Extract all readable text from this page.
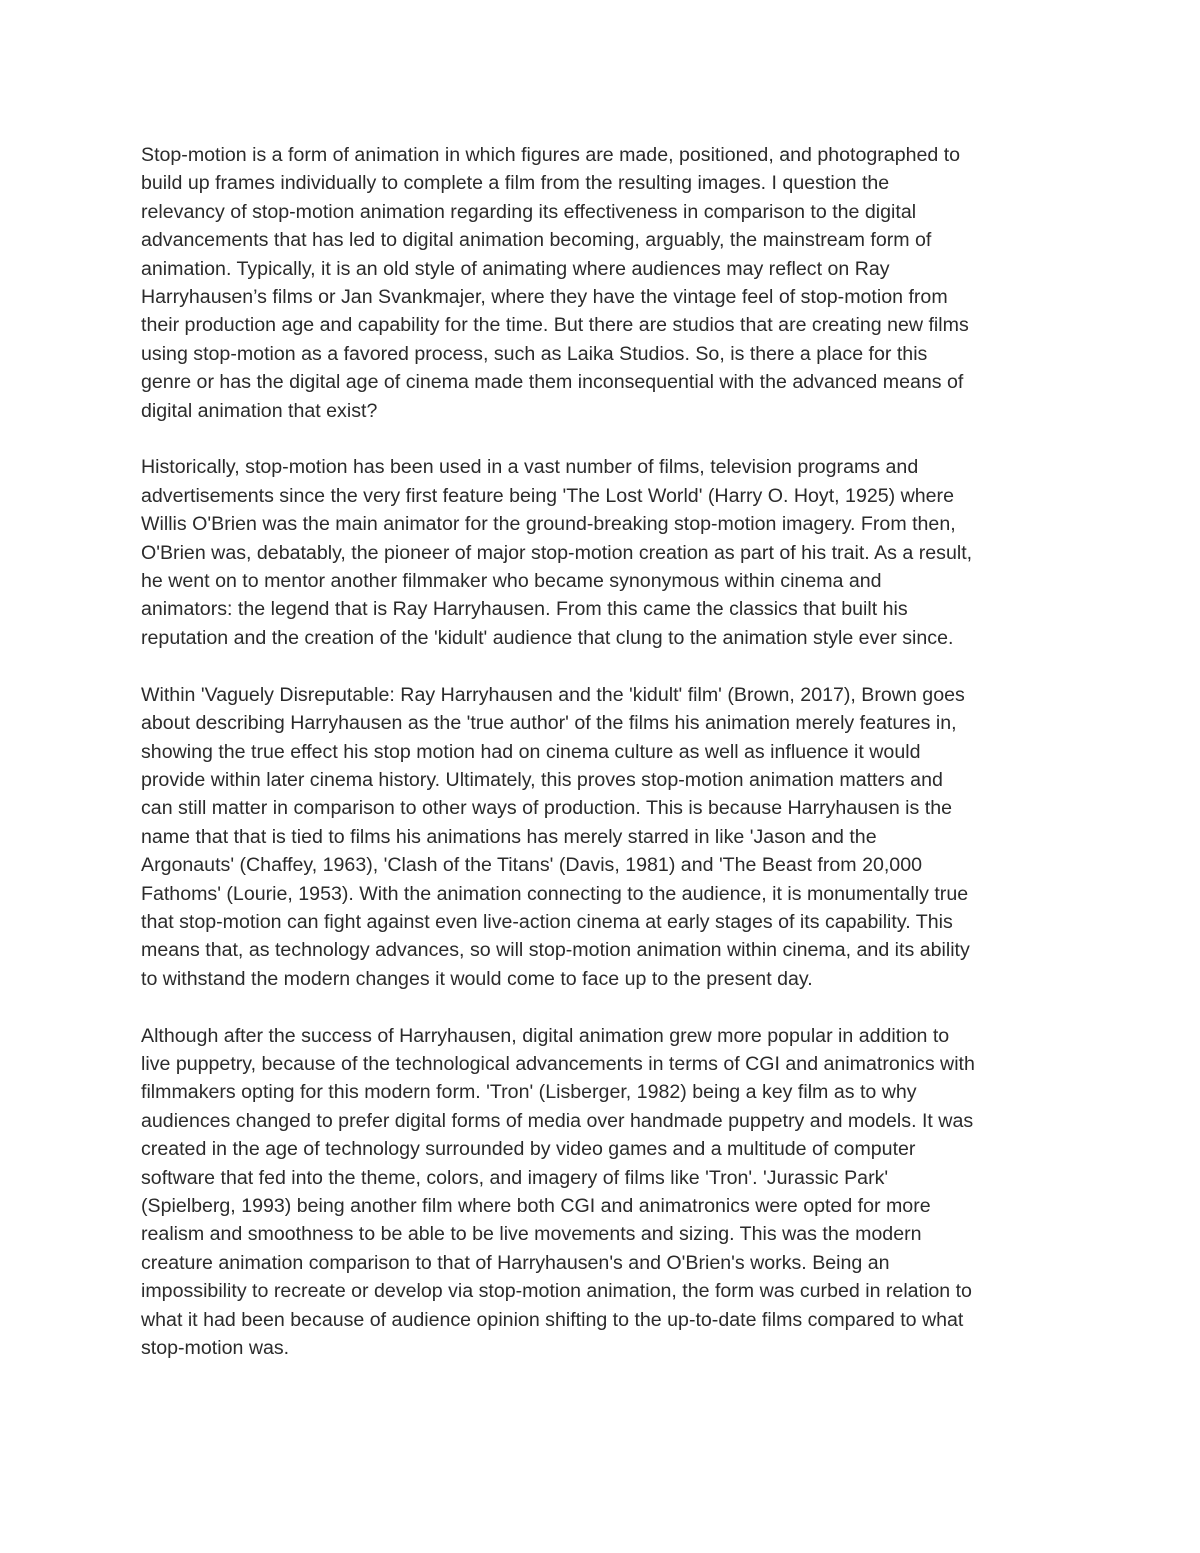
Stop-motion is a form of animation in which figures are made, positioned, and photographed to
build up frames individually to complete a film from the resulting images. I question the
relevancy of stop-motion animation regarding its effectiveness in comparison to the digital
advancements that has led to digital animation becoming, arguably, the mainstream form of
animation. Typically, it is an old style of animating where audiences may reflect on Ray
Harryhausen’s films or Jan Svankmajer, where they have the vintage feel of stop-motion from
their production age and capability for the time. But there are studios that are creating new films
using stop-motion as a favored process, such as Laika Studios. So, is there a place for this
genre or has the digital age of cinema made them inconsequential with the advanced means of
digital animation that exist?

Historically, stop-motion has been used in a vast number of films, television programs and
advertisements since the very first feature being 'The Lost World' (Harry O. Hoyt, 1925) where
Willis O'Brien was the main animator for the ground-breaking stop-motion imagery. From then,
O'Brien was, debatably, the pioneer of major stop-motion creation as part of his trait. As a result,
he went on to mentor another filmmaker who became synonymous within cinema and
animators: the legend that is Ray Harryhausen. From this came the classics that built his
reputation and the creation of the 'kidult' audience that clung to the animation style ever since.

Within 'Vaguely Disreputable: Ray Harryhausen and the 'kidult' film' (Brown, 2017), Brown goes
about describing Harryhausen as the 'true author' of the films his animation merely features in,
showing the true effect his stop motion had on cinema culture as well as influence it would
provide within later cinema history. Ultimately, this proves stop-motion animation matters and
can still matter in comparison to other ways of production. This is because Harryhausen is the
name that that is tied to films his animations has merely starred in like 'Jason and the
Argonauts' (Chaffey, 1963), 'Clash of the Titans' (Davis, 1981) and 'The Beast from 20,000
Fathoms' (Lourie, 1953). With the animation connecting to the audience, it is monumentally true
that stop-motion can fight against even live-action cinema at early stages of its capability. This
means that, as technology advances, so will stop-motion animation within cinema, and its ability
to withstand the modern changes it would come to face up to the present day.

Although after the success of Harryhausen, digital animation grew more popular in addition to
live puppetry, because of the technological advancements in terms of CGI and animatronics with
filmmakers opting for this modern form. 'Tron' (Lisberger, 1982) being a key film as to why
audiences changed to prefer digital forms of media over handmade puppetry and models. It was
created in the age of technology surrounded by video games and a multitude of computer
software that fed into the theme, colors, and imagery of films like 'Tron'. 'Jurassic Park'
(Spielberg, 1993) being another film where both CGI and animatronics were opted for more
realism and smoothness to be able to be live movements and sizing. This was the modern
creature animation comparison to that of Harryhausen's and O'Brien's works. Being an
impossibility to recreate or develop via stop-motion animation, the form was curbed in relation to
what it had been because of audience opinion shifting to the up-to-date films compared to what
stop-motion was.
